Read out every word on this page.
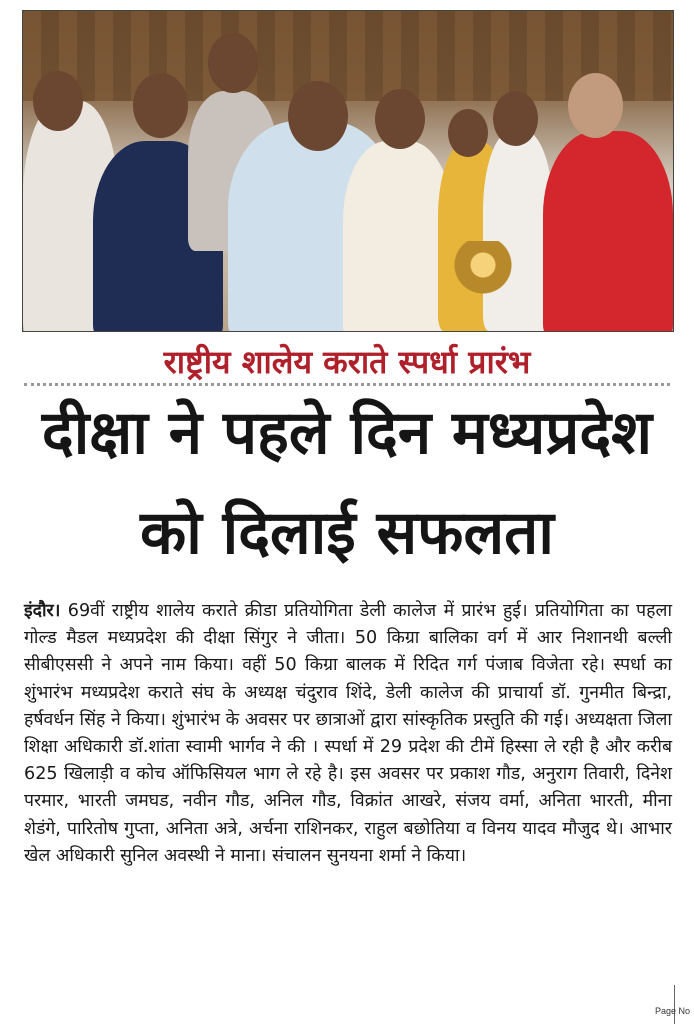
राष्ट्रीय शालेय कराते स्पर्धा प्रारंभ
दीक्षा ने पहले दिन मध्यप्रदेश
को दिलाई सफलता
इंदौर। 69वीं राष्ट्रीय शालेय कराते क्रीडा प्रतियोगिता डेली कालेज में प्रारंभ हुई। प्रतियोगिता का पहला गोल्ड मैडल मध्यप्रदेश की दीक्षा सिंगुर ने जीता। 50 किग्रा बालिका वर्ग में आर निशानथी बल्ली सीबीएससी ने अपने नाम किया। वहीं 50 किग्रा बालक में रिदित गर्ग पंजाब विजेता रहे। स्पर्धा का शुंभारंभ मध्यप्रदेश कराते संघ के अध्यक्ष चंदुराव शिंदे, डेली कालेज की प्राचार्या डॉ. गुनमीत बिन्द्रा, हर्षवर्धन सिंह ने किया। शुंभारंभ के अवसर पर छात्राओं द्वारा सांस्कृतिक प्रस्तुति की गई। अध्यक्षता जिला शिक्षा अधिकारी डॉ.शांता स्वामी भार्गव ने की । स्पर्धा में 29 प्रदेश की टीमें हिस्सा ले रही है और करीब 625 खिलाड़ी व कोच ऑफिसियल भाग ले रहे है। इस अवसर पर प्रकाश गौड, अनुराग तिवारी, दिनेश परमार, भारती जमघड, नवीन गौड, अनिल गौड, विक्रांत आखरे, संजय वर्मा, अनिता भारती, मीना शेडंगे, पारितोष गुप्ता, अनिता अत्रे, अर्चना राशिनकर, राहुल बछोतिया व विनय यादव मौजुद थे। आभार खेल अधिकारी सुनिल अवस्थी ने माना। संचालन सुनयना शर्मा ने किया।
Page No
